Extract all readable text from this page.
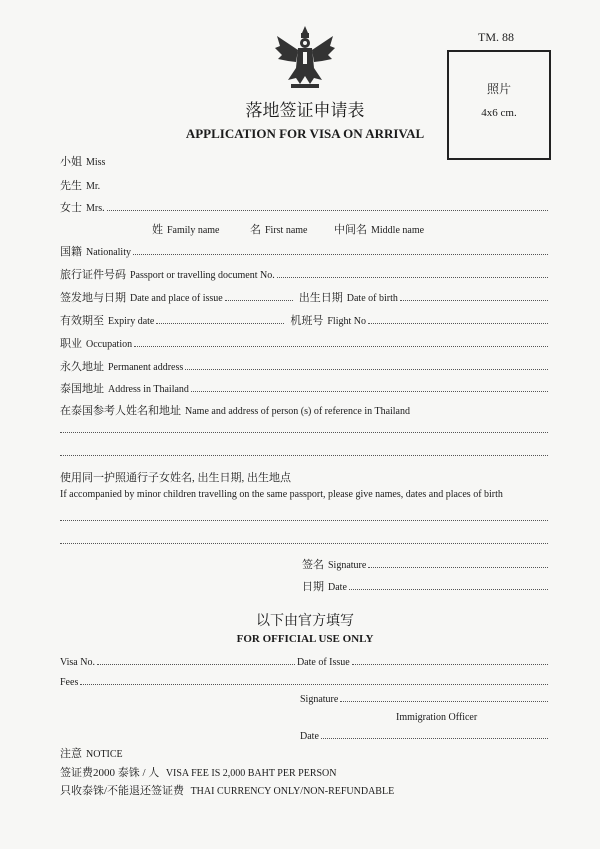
TM. 88
照片
4x6 cm.
落地签证申请表
APPLICATION FOR VISA ON ARRIVAL
小姐 Miss
先生 Mr.
女士 Mrs.
姓 Family name	名 First name 中间名 Middle name
国籍 Nationality
旅行证件号码 Passport or travelling document No.
签发地与日期 Date and place of issue	出生日期 Date of birth
有效期至 Expiry date	机班号 Flight No
职业 Occupation
永久地址 Permanent address
泰国地址 Address in Thailand
在泰国参考人姓名和地址 Name and address of person (s) of reference in Thailand
使用同一护照通行子女姓名, 出生日期, 出生地点
If accompanied by minor children travelling on the same passport, please give names, dates and places of birth
签名 Signature
日期 Date
以下由官方填写
FOR OFFICIAL USE ONLY
Visa No.	Date of Issue
Fees
Signature
Immigration Officer
Date
注意 NOTICE
签证费2000 泰铢 / 人 VISA FEE IS 2,000 BAHT PER PERSON
只收泰铢/不能退还签证费 THAI CURRENCY ONLY/NON-REFUNDABLE
